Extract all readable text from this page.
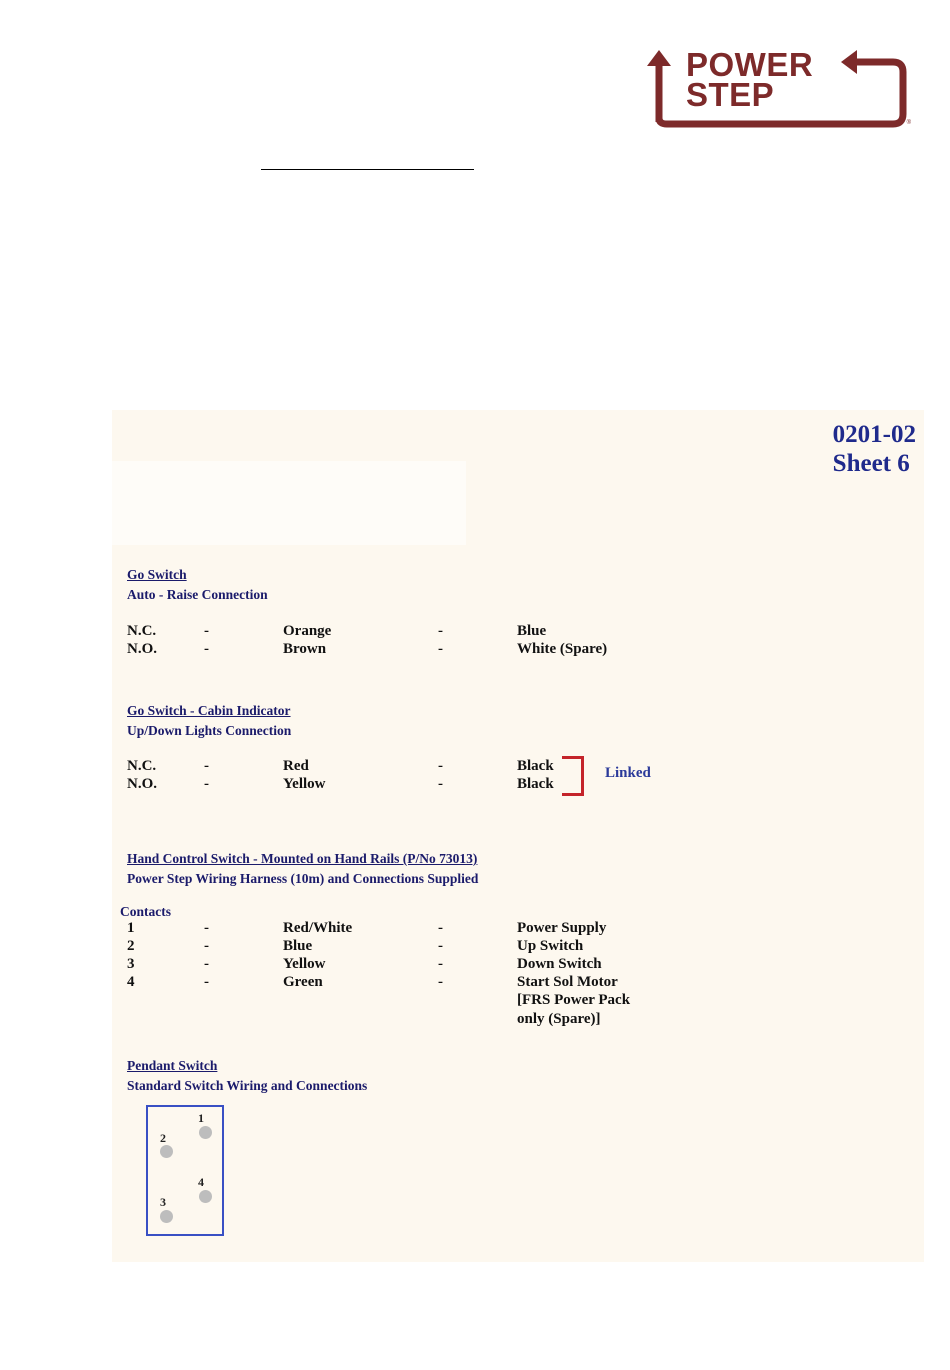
POWER
STEP
®
0201-02
Sheet 6
Go Switch
Auto - Raise Connection
N.C.	-	Orange	-	Blue
N.O.	-	Brown	-	White (Spare)
Go Switch - Cabin Indicator
Up/Down Lights Connection
N.C.	-	Red	-	Black
N.O.	-	Yellow	-	Black
Linked
Hand Control Switch - Mounted on Hand Rails (P/No 73013)
Power Step Wiring Harness (10m) and Connections Supplied
Contacts
1	-	Red/White	-	Power Supply
2	-	Blue	-	Up Switch
3	-	Yellow	-	Down Switch
4	-	Green	-	Start Sol Motor
[FRS Power Pack
only (Spare)]
Pendant Switch
Standard Switch Wiring and Connections
1
2
4
3
